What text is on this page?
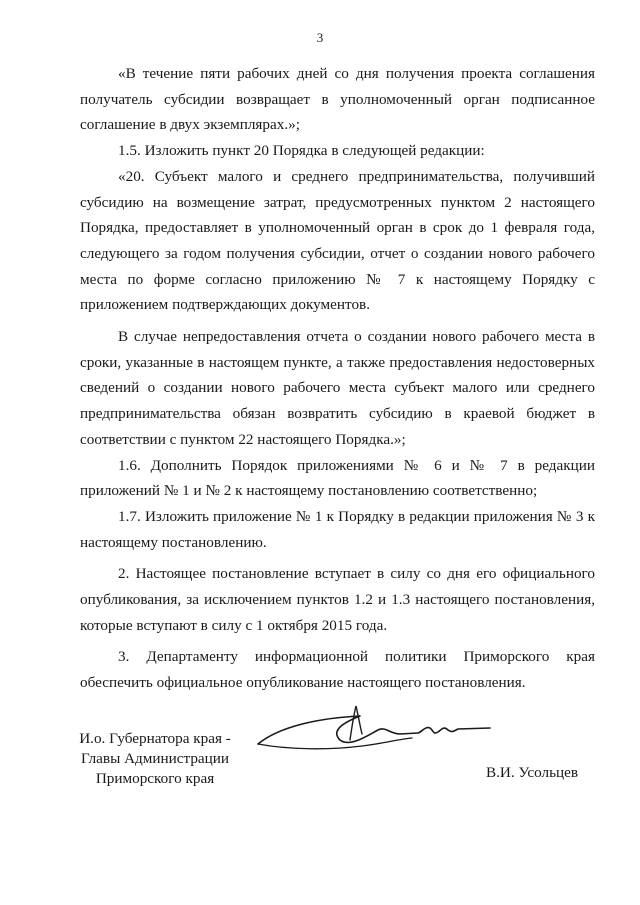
3

«В течение пяти рабочих дней со дня получения проекта соглашения получатель субсидии возвращает в уполномоченный орган подписанное соглашение в двух экземплярах.»;

1.5. Изложить пункт 20 Порядка в следующей редакции:

«20. Субъект малого и среднего предпринимательства, получивший субсидию на возмещение затрат, предусмотренных пунктом 2 настоящего Порядка, предоставляет в уполномоченный орган в срок до 1 февраля года, следующего за годом получения субсидии, отчет о создании нового рабочего места по форме согласно приложению № 7 к настоящему Порядку с приложением подтверждающих документов.

В случае непредоставления отчета о создании нового рабочего места в сроки, указанные в настоящем пункте, а также предоставления недостоверных сведений о создании нового рабочего места субъект малого или среднего предпринимательства обязан возвратить субсидию в краевой бюджет в соответствии с пунктом 22 настоящего Порядка.»;

1.6. Дополнить Порядок приложениями № 6 и № 7 в редакции приложений № 1 и № 2 к настоящему постановлению соответственно;

1.7. Изложить приложение № 1 к Порядку в редакции приложения № 3 к настоящему постановлению.

2. Настоящее постановление вступает в силу со дня его официального опубликования, за исключением пунктов 1.2 и 1.3 настоящего постановления, которые вступают в силу с 1 октября 2015 года.

3. Департаменту информационной политики Приморского края обеспечить официальное опубликование настоящего постановления.

И.о. Губернатора края -
Главы Администрации
Приморского края	В.И. Усольцев
